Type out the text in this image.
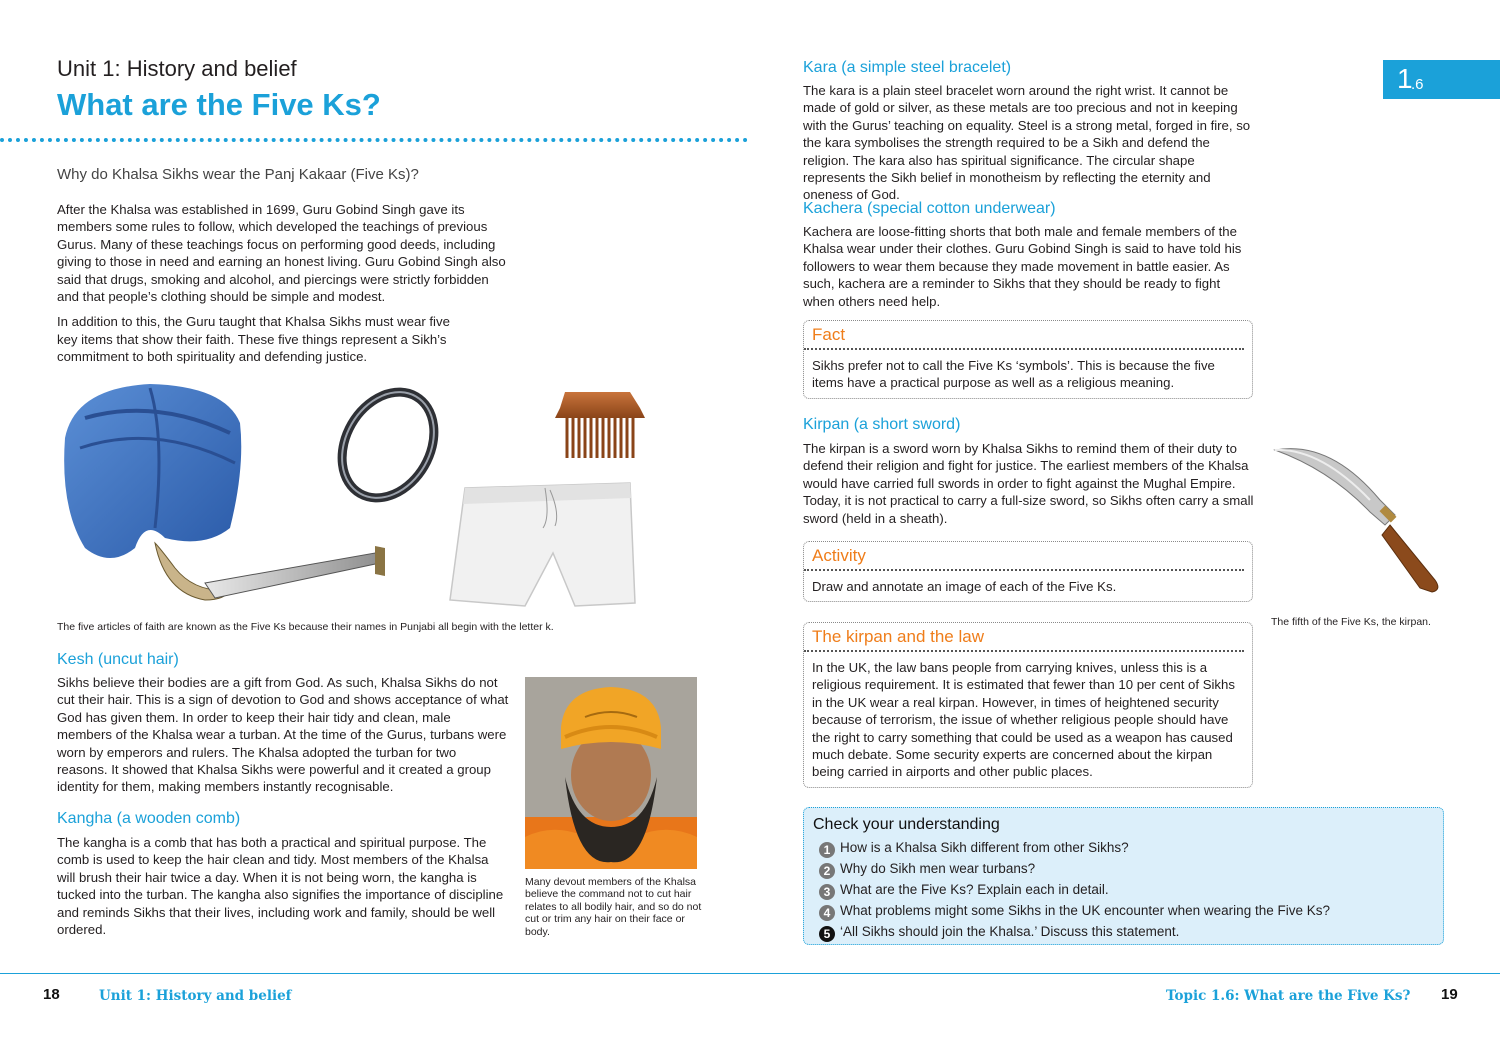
Unit 1: History and belief
What are the Five Ks?
Why do Khalsa Sikhs wear the Panj Kakaar (Five Ks)?

After the Khalsa was established in 1699, Guru Gobind Singh gave its members some rules to follow, which developed the teachings of previous Gurus. Many of these teachings focus on performing good deeds, including giving to those in need and earning an honest living. Guru Gobind Singh also said that drugs, smoking and alcohol, and piercings were strictly forbidden and that people’s clothing should be simple and modest.

In addition to this, the Guru taught that Khalsa Sikhs must wear five key items that show their faith. These five things represent a Sikh’s commitment to both spirituality and defending justice.

The five articles of faith are known as the Five Ks because their names in Punjabi all begin with the letter k.
Kesh (uncut hair)

Sikhs believe their bodies are a gift from God. As such, Khalsa Sikhs do not cut their hair. This is a sign of devotion to God and shows acceptance of what God has given them. In order to keep their hair tidy and clean, male members of the Khalsa wear a turban. At the time of the Gurus, turbans were worn by emperors and rulers. The Khalsa adopted the turban for two reasons. It showed that Khalsa Sikhs were powerful and it created a group identity for them, making members instantly recognisable.

Kangha (a wooden comb)

The kangha is a comb that has both a practical and spiritual purpose. The comb is used to keep the hair clean and tidy. Most members of the Khalsa will brush their hair twice a day. When it is not being worn, the kangha is tucked into the turban. The kangha also signifies the importance of discipline and reminds Sikhs that their lives, including work and family, should be well ordered.

Many devout members of the Khalsa believe the command not to cut hair relates to all bodily hair, and so do not cut or trim any hair on their face or body.
1
.6
Kara (a simple steel bracelet)

The kara is a plain steel bracelet worn around the right wrist. It cannot be made of gold or silver, as these metals are too precious and not in keeping with the Gurus’ teaching on equality. Steel is a strong metal, forged in fire, so the kara symbolises the strength required to be a Sikh and defend the religion. The kara also has spiritual significance. The circular shape represents the Sikh belief in monotheism by reflecting the eternity and oneness of God.

Kachera (special cotton underwear)

Kachera are loose-fitting shorts that both male and female members of the Khalsa wear under their clothes. Guru Gobind Singh is said to have told his followers to wear them because they made movement in battle easier. As such, kachera are a reminder to Sikhs that they should be ready to fight when others need help.

Fact
Sikhs prefer not to call the Five Ks ‘symbols’. This is because the five items have a practical purpose as well as a religious meaning.
Kirpan (a short sword)

The kirpan is a sword worn by Khalsa Sikhs to remind them of their duty to defend their religion and fight for justice. The earliest members of the Khalsa would have carried full swords in order to fight against the Mughal Empire. Today, it is not practical to carry a full-size sword, so Sikhs often carry a small sword (held in a sheath).

The fifth of the Five Ks, the kirpan.
Activity
Draw and annotate an image of each of the Five Ks.
The kirpan and the law
In the UK, the law bans people from carrying knives, unless this is a religious requirement. It is estimated that fewer than 10 per cent of Sikhs in the UK wear a real kirpan. However, in times of heightened security because of terrorism, the issue of whether religious people should have the right to carry something that could be used as a weapon has caused much debate. Some security experts are concerned about the kirpan being carried in airports and other public places.
Check your understanding
1 How is a Khalsa Sikh different from other Sikhs?
2 Why do Sikh men wear turbans?
3 What are the Five Ks? Explain each in detail.
4 What problems might some Sikhs in the UK encounter when wearing the Five Ks?
5 ‘All Sikhs should join the Khalsa.’ Discuss this statement.
18	Unit 1: History and belief	Topic 1.6: What are the Five Ks? 19
